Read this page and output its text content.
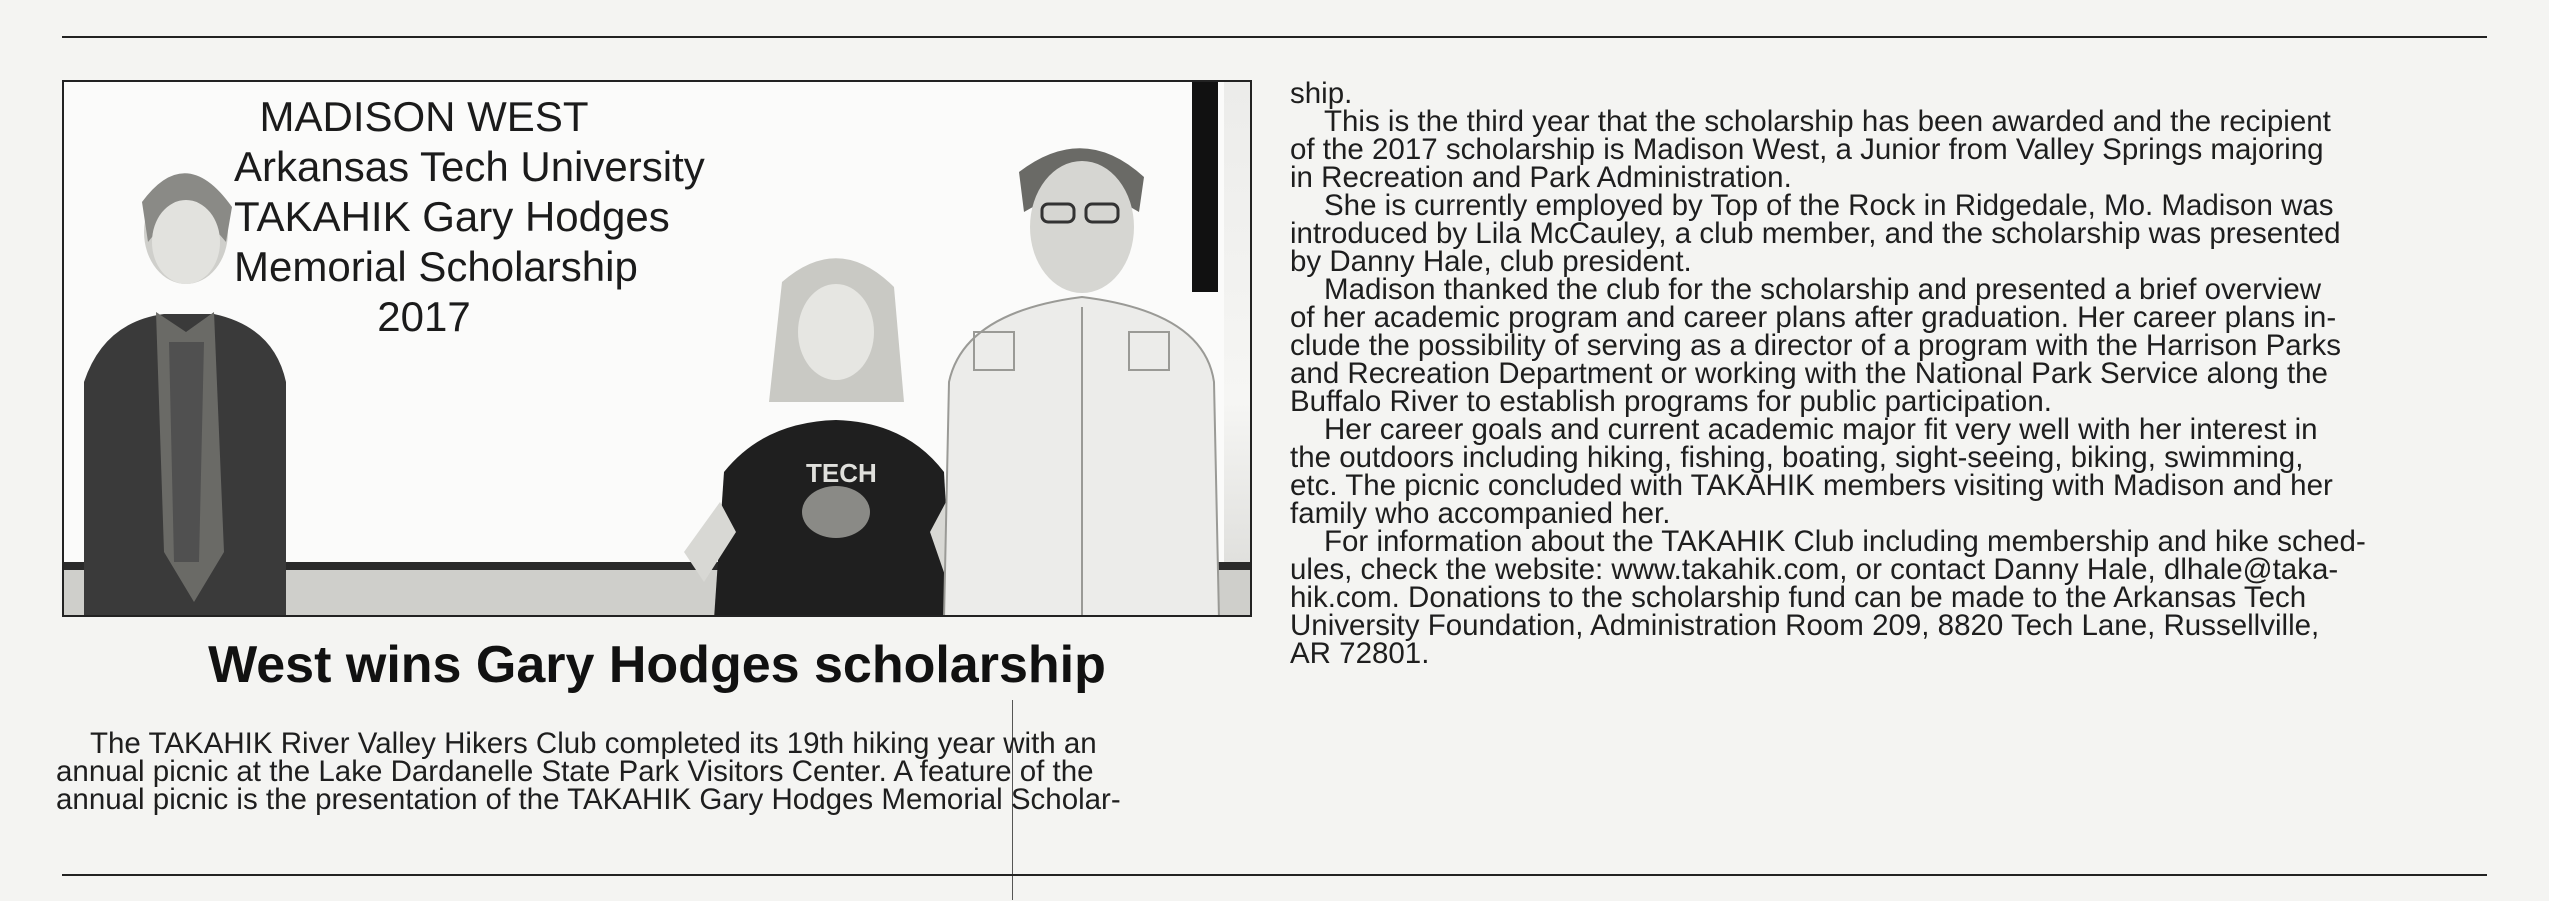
MADISON WEST
Arkansas Tech University
TAKAHIK Gary Hodges
Memorial Scholarship
2017
TECH
West wins Gary Hodges scholarship
The TAKAHIK River Valley Hikers Club completed its 19th hiking year with an
annual picnic at the Lake Dardanelle State Park Visitors Center. A feature of the
annual picnic is the presentation of the TAKAHIK Gary Hodges Memorial Scholar-
ship.
This is the third year that the scholarship has been awarded and the recipient
of the 2017 scholarship is Madison West, a Junior from Valley Springs majoring
in Recreation and Park Administration.
She is currently employed by Top of the Rock in Ridgedale, Mo. Madison was
introduced by Lila McCauley, a club member, and the scholarship was presented
by Danny Hale, club president.
Madison thanked the club for the scholarship and presented a brief overview
of her academic program and career plans after graduation. Her career plans in-
clude the possibility of serving as a director of a program with the Harrison Parks
and Recreation Department or working with the National Park Service along the
Buffalo River to establish programs for public participation.
Her career goals and current academic major fit very well with her interest in
the outdoors including hiking, fishing, boating, sight-seeing, biking, swimming,
etc. The picnic concluded with TAKAHIK members visiting with Madison and her
family who accompanied her.
For information about the TAKAHIK Club including membership and hike sched-
ules, check the website: www.takahik.com, or contact Danny Hale, dlhale@taka-
hik.com. Donations to the scholarship fund can be made to the Arkansas Tech
University Foundation, Administration Room 209, 8820 Tech Lane, Russellville,
AR 72801.
